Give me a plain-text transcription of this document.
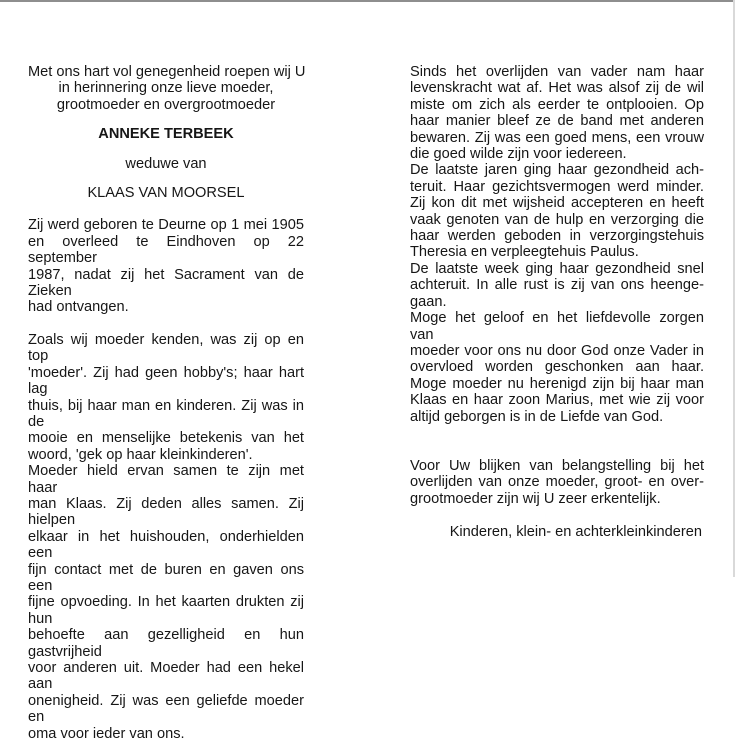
Met ons hart vol genegenheid roepen wij U
in herinnering onze lieve moeder,
grootmoeder en overgrootmoeder
ANNEKE TERBEEK
weduwe van
KLAAS VAN MOORSEL
Zij werd geboren te Deurne op 1 mei 1905
en overleed te Eindhoven op 22 september
1987, nadat zij het Sacrament van de Zieken
had ontvangen.
Zoals wij moeder kenden, was zij op en top
'moeder'. Zij had geen hobby's; haar hart lag
thuis, bij haar man en kinderen. Zij was in de
mooie en menselijke betekenis van het
woord, 'gek op haar kleinkinderen'.
Moeder hield ervan samen te zijn met haar
man Klaas. Zij deden alles samen. Zij hielpen
elkaar in het huishouden, onderhielden een
fijn contact met de buren en gaven ons een
fijne opvoeding. In het kaarten drukten zij hun
behoefte aan gezelligheid en hun gastvrijheid
voor anderen uit. Moeder had een hekel aan
onenigheid. Zij was een geliefde moeder en
oma voor ieder van ons.
Sinds het overlijden van vader nam haar
levenskracht wat af. Het was alsof zij de wil
miste om zich als eerder te ontplooien. Op
haar manier bleef ze de band met anderen
bewaren. Zij was een goed mens, een vrouw
die goed wilde zijn voor iedereen.
De laatste jaren ging haar gezondheid ach-
teruit. Haar gezichtsvermogen werd minder.
Zij kon dit met wijsheid accepteren en heeft
vaak genoten van de hulp en verzorging die
haar werden geboden in verzorgingstehuis
Theresia en verpleegtehuis Paulus.
De laatste week ging haar gezondheid snel
achteruit. In alle rust is zij van ons heenge-
gaan.
Moge het geloof en het liefdevolle zorgen van
moeder voor ons nu door God onze Vader in
overvloed worden geschonken aan haar.
Moge moeder nu herenigd zijn bij haar man
Klaas en haar zoon Marius, met wie zij voor
altijd geborgen is in de Liefde van God.
Voor Uw blijken van belangstelling bij het
overlijden van onze moeder, groot- en over-
grootmoeder zijn wij U zeer erkentelijk.
Kinderen, klein- en achterkleinkinderen
